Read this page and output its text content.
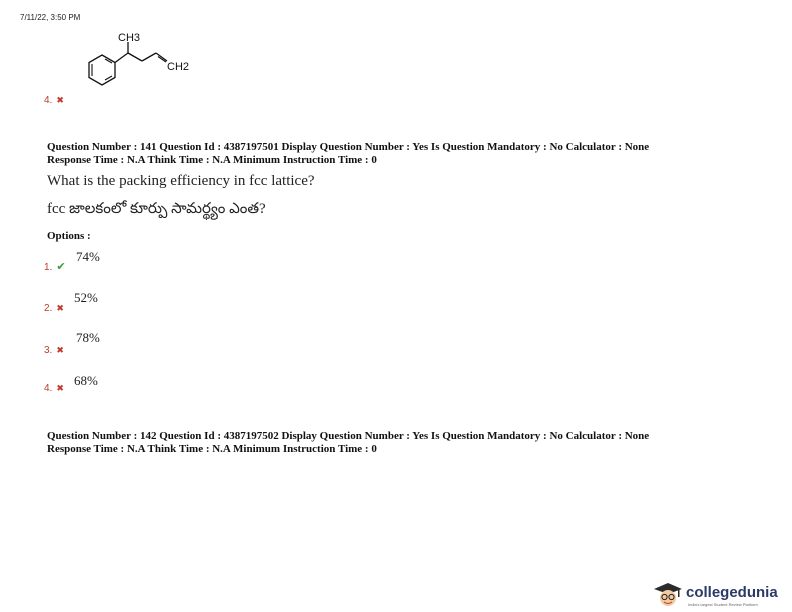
7/11/22, 3:50 PM
4. ✖
CH3
CH2
Question Number : 141 Question Id : 4387197501 Display Question Number : Yes Is Question Mandatory : No Calculator : None
Response Time : N.A Think Time : N.A Minimum Instruction Time : 0
What is the packing efficiency in fcc lattice?
fcc జాలకంలో కూర్పు సామర్థ్యం ఎంత?
Options :
1. ✔
74%
2. ✖
52%
3. ✖
78%
4. ✖
68%
Question Number : 142 Question Id : 4387197502 Display Question Number : Yes Is Question Mandatory : No Calculator : None
Response Time : N.A Think Time : N.A Minimum Instruction Time : 0
collegedunia
India's largest Student Review Platform
